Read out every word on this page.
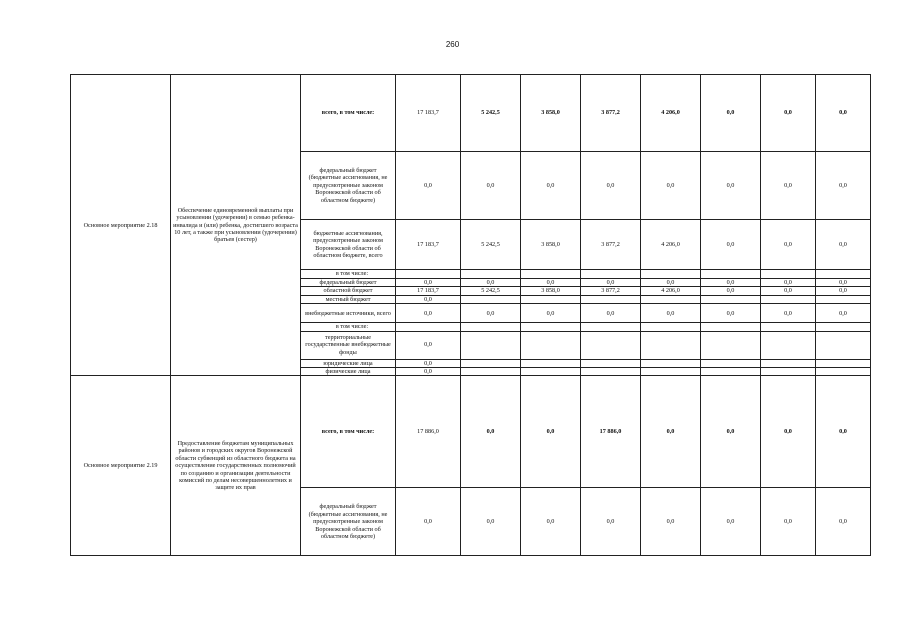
260
Основное мероприятие 2.18	Обеспечение единовременной выплаты при усыновлении (удочерении) в семью ребенка-инвалида и (или) ребенка, достигшего возраста 10 лет, а также при усыновлении (удочерении) братьев (сестер)	всего, в том числе:	17 183,7	5 242,5	3 858,0	3 877,2	4 206,0	0,0	0,0	0,0
		федеральный бюджет (бюджетные ассигнования, не предусмотренные законом Воронежской области об областном бюджете)	0,0	0,0	0,0	0,0	0,0	0,0	0,0	0,0
		бюджетные ассигнования, предусмотренные законом Воронежской области об областном бюджете, всего	17 183,7	5 242,5	3 858,0	3 877,2	4 206,0	0,0	0,0	0,0
		в том числе:								
		федеральный бюджет	0,0	0,0	0,0	0,0	0,0	0,0	0,0	0,0
		областной бюджет	17 183,7	5 242,5	3 858,0	3 877,2	4 206,0	0,0	0,0	0,0
		местный бюджет	0,0							
		внебюджетные источники, всего	0,0	0,0	0,0	0,0	0,0	0,0	0,0	0,0
		в том числе:								
		территориальные государственные внебюджетные фонды	0,0							
		юридические лица	0,0							
		физические лица	0,0							
Основное мероприятие 2.19	Предоставление бюджетам муниципальных районов и городских округов Воронежской области субвенций из областного бюджета на осуществление государственных полномочий по созданию и организации деятельности комиссий по делам несовершеннолетних и защите их прав	всего, в том числе:	17 886,0	0,0	0,0	17 886,0	0,0	0,0	0,0	0,0
		федеральный бюджет (бюджетные ассигнования, не предусмотренные законом Воронежской области об областном бюджете)	0,0	0,0	0,0	0,0	0,0	0,0	0,0	0,0
